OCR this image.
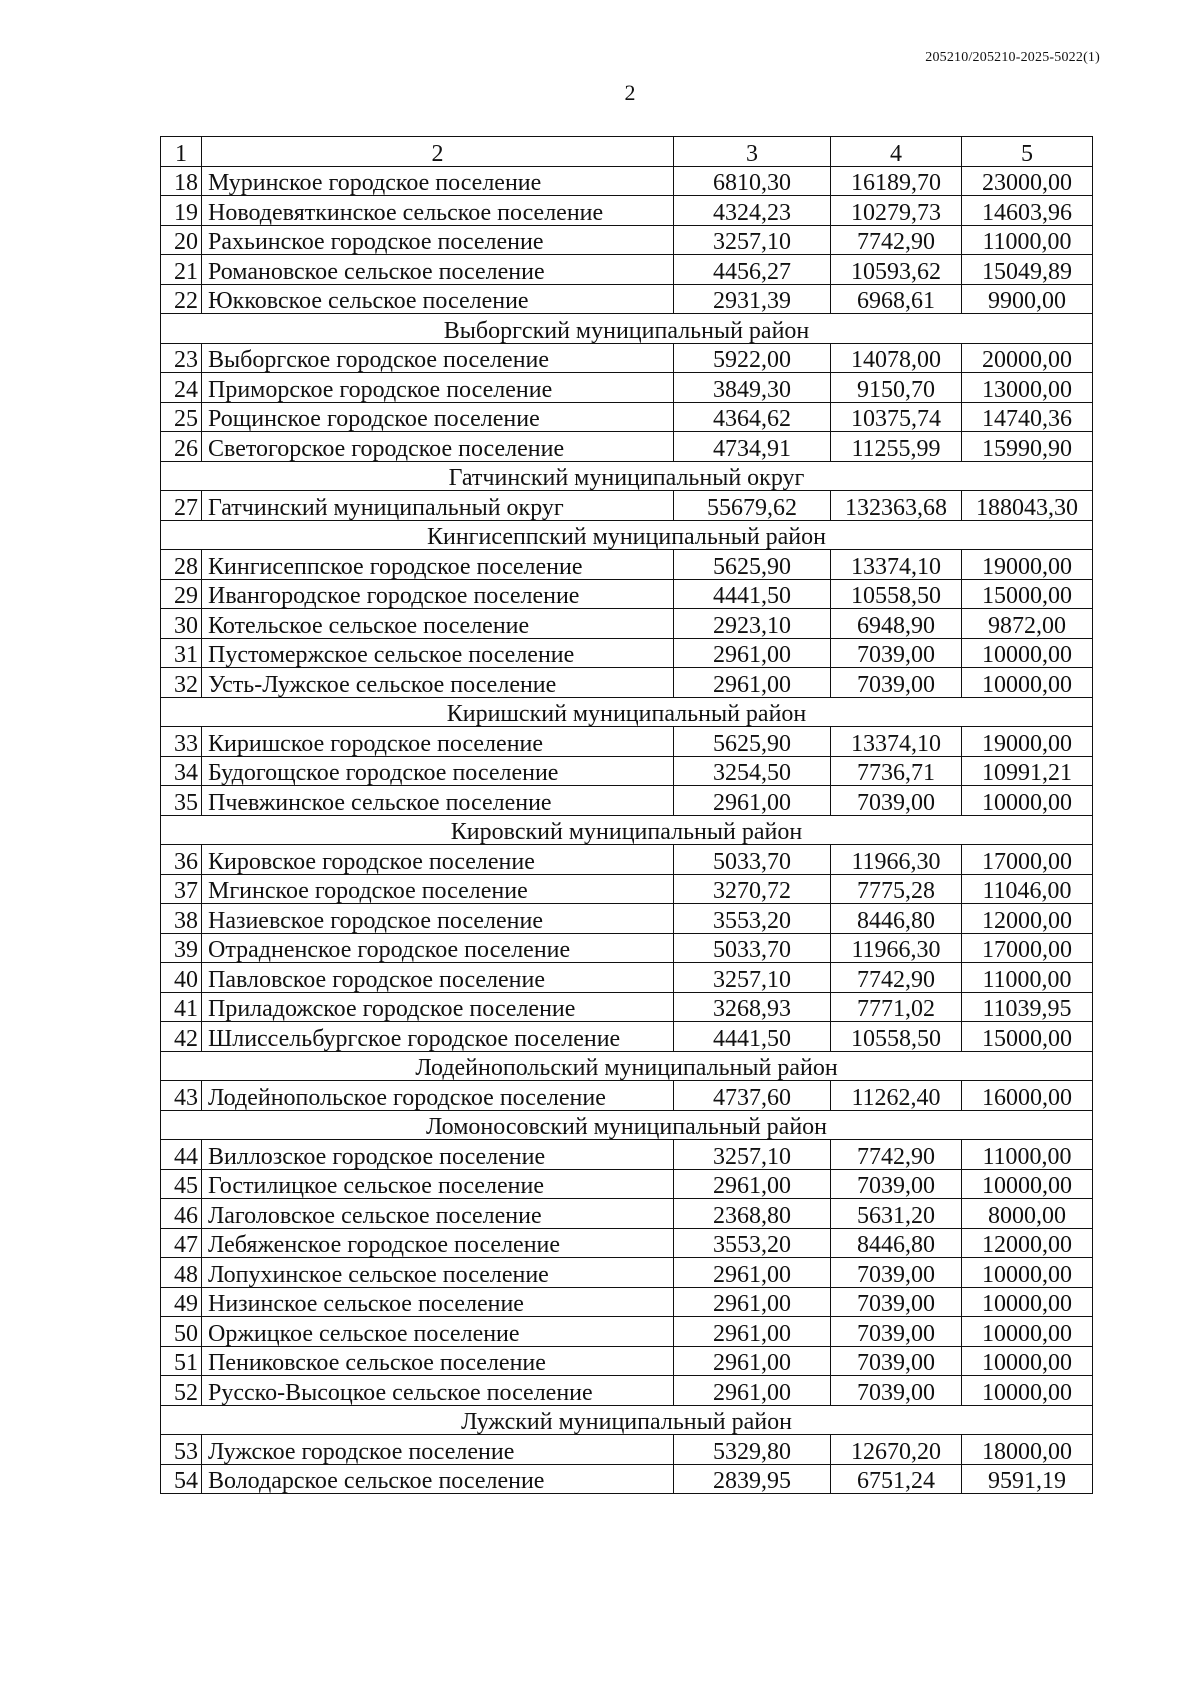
205210/205210-2025-5022(1)
2
1	2	3	4	5
18	Муринское городское поселение	6810,30	16189,70	23000,00
19	Новодевяткинское сельское поселение	4324,23	10279,73	14603,96
20	Рахьинское городское поселение	3257,10	7742,90	11000,00
21	Романовское сельское поселение	4456,27	10593,62	15049,89
22	Юкковское сельское поселение	2931,39	6968,61	9900,00
Выборгский муниципальный район				
23	Выборгское городское поселение	5922,00	14078,00	20000,00
24	Приморское городское поселение	3849,30	9150,70	13000,00
25	Рощинское городское поселение	4364,62	10375,74	14740,36
26	Светогорское городское поселение	4734,91	11255,99	15990,90
Гатчинский муниципальный округ				
27	Гатчинский муниципальный округ	55679,62	132363,68	188043,30
Кингисеппский муниципальный район				
28	Кингисеппское городское поселение	5625,90	13374,10	19000,00
29	Ивангородское городское поселение	4441,50	10558,50	15000,00
30	Котельское сельское поселение	2923,10	6948,90	9872,00
31	Пустомержское сельское поселение	2961,00	7039,00	10000,00
32	Усть-Лужское сельское поселение	2961,00	7039,00	10000,00
Киришский муниципальный район				
33	Киришское городское поселение	5625,90	13374,10	19000,00
34	Будогощское городское поселение	3254,50	7736,71	10991,21
35	Пчевжинское сельское поселение	2961,00	7039,00	10000,00
Кировский муниципальный район				
36	Кировское городское поселение	5033,70	11966,30	17000,00
37	Мгинское городское поселение	3270,72	7775,28	11046,00
38	Назиевское городское поселение	3553,20	8446,80	12000,00
39	Отрадненское городское поселение	5033,70	11966,30	17000,00
40	Павловское городское поселение	3257,10	7742,90	11000,00
41	Приладожское городское поселение	3268,93	7771,02	11039,95
42	Шлиссельбургское городское поселение	4441,50	10558,50	15000,00
Лодейнопольский муниципальный район				
43	Лодейнопольское городское поселение	4737,60	11262,40	16000,00
Ломоносовский муниципальный район				
44	Виллозское городское поселение	3257,10	7742,90	11000,00
45	Гостилицкое сельское поселение	2961,00	7039,00	10000,00
46	Лаголовское сельское поселение	2368,80	5631,20	8000,00
47	Лебяженское городское поселение	3553,20	8446,80	12000,00
48	Лопухинское сельское поселение	2961,00	7039,00	10000,00
49	Низинское сельское поселение	2961,00	7039,00	10000,00
50	Оржицкое сельское поселение	2961,00	7039,00	10000,00
51	Пениковское сельское поселение	2961,00	7039,00	10000,00
52	Русско-Высоцкое сельское поселение	2961,00	7039,00	10000,00
Лужский муниципальный район				
53	Лужское городское поселение	5329,80	12670,20	18000,00
54	Володарское сельское поселение	2839,95	6751,24	9591,19
